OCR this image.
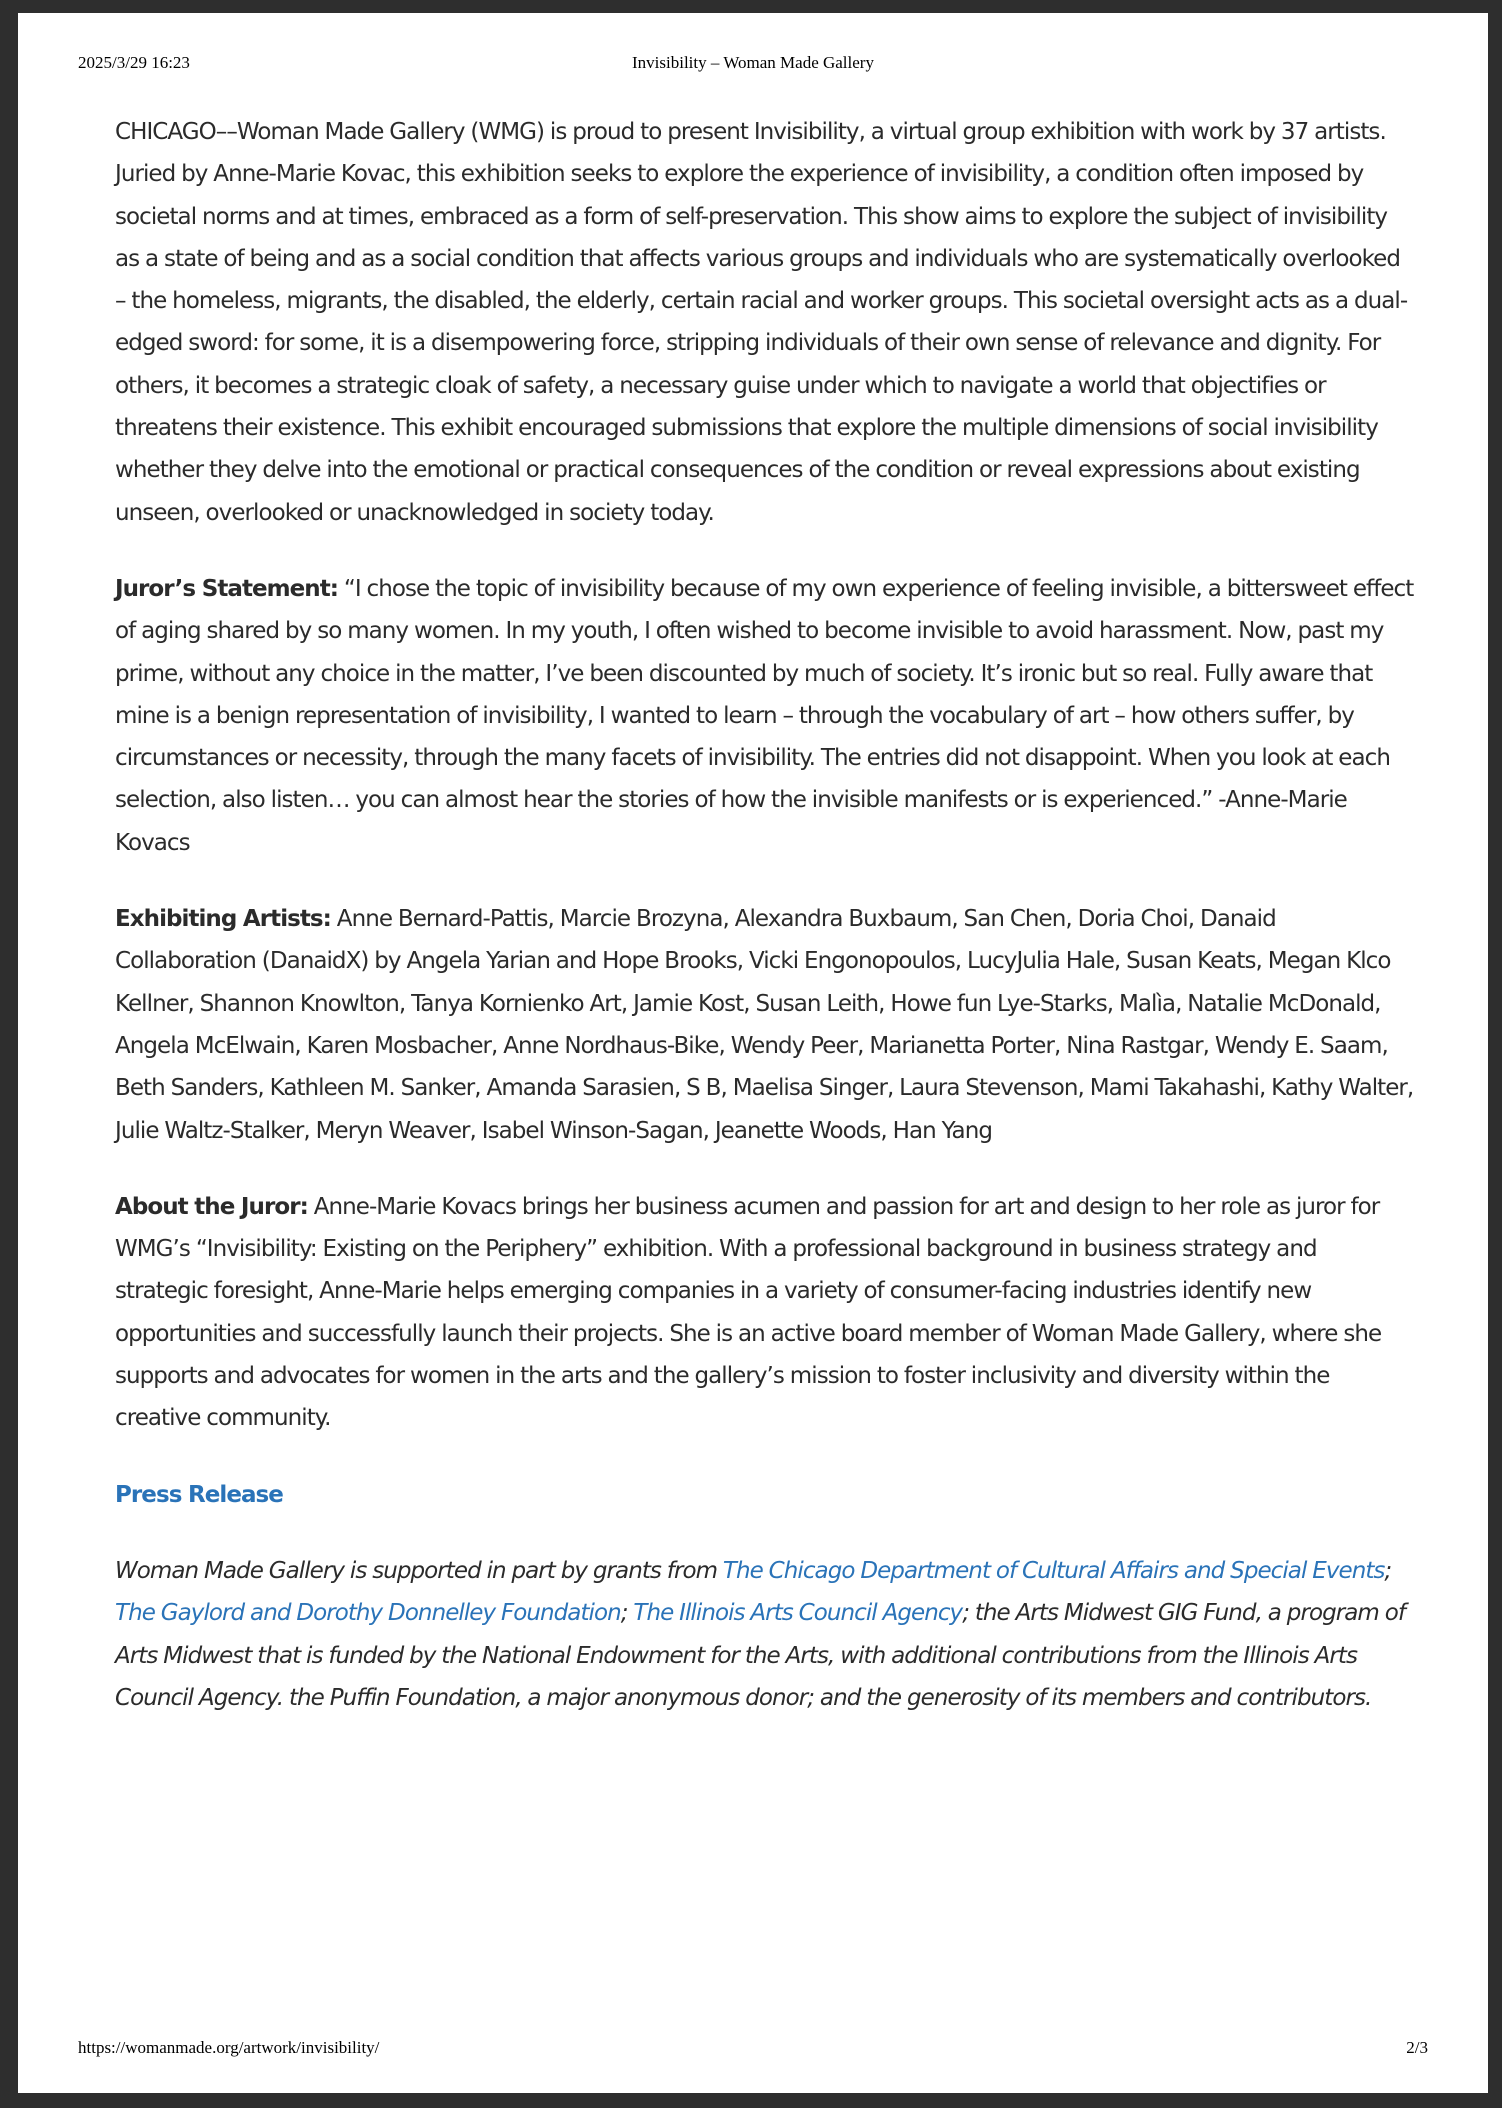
2025/3/29 16:23	Invisibility – Woman Made Gallery

CHICAGO––Woman Made Gallery (WMG) is proud to present Invisibility, a virtual group exhibition with work by 37 artists. Juried by Anne-Marie Kovac, this exhibition seeks to explore the experience of invisibility, a condition often imposed by societal norms and at times, embraced as a form of self-preservation. This show aims to explore the subject of invisibility as a state of being and as a social condition that affects various groups and individuals who are systematically overlooked – the homeless, migrants, the disabled, the elderly, certain racial and worker groups. This societal oversight acts as a dual-edged sword: for some, it is a disempowering force, stripping individuals of their own sense of relevance and dignity. For others, it becomes a strategic cloak of safety, a necessary guise under which to navigate a world that objectifies or threatens their existence. This exhibit encouraged submissions that explore the multiple dimensions of social invisibility whether they delve into the emotional or practical consequences of the condition or reveal expressions about existing unseen, overlooked or unacknowledged in society today.

Juror’s Statement: “I chose the topic of invisibility because of my own experience of feeling invisible, a bittersweet effect of aging shared by so many women. In my youth, I often wished to become invisible to avoid harassment. Now, past my prime, without any choice in the matter, I’ve been discounted by much of society. It’s ironic but so real. Fully aware that mine is a benign representation of invisibility, I wanted to learn – through the vocabulary of art – how others suffer, by circumstances or necessity, through the many facets of invisibility. The entries did not disappoint. When you look at each selection, also listen… you can almost hear the stories of how the invisible manifests or is experienced.” -Anne-Marie Kovacs

Exhibiting Artists: Anne Bernard-Pattis, Marcie Brozyna, Alexandra Buxbaum, San Chen, Doria Choi, Danaid Collaboration (DanaidX) by Angela Yarian and Hope Brooks, Vicki Engonopoulos, LucyJulia Hale, Susan Keats, Megan Klco Kellner, Shannon Knowlton, Tanya Kornienko Art, Jamie Kost, Susan Leith, Howe fun Lye-Starks, Malìa, Natalie McDonald, Angela McElwain, Karen Mosbacher, Anne Nordhaus-Bike, Wendy Peer, Marianetta Porter, Nina Rastgar, Wendy E. Saam, Beth Sanders, Kathleen M. Sanker, Amanda Sarasien, S B, Maelisa Singer, Laura Stevenson, Mami Takahashi, Kathy Walter, Julie Waltz-Stalker, Meryn Weaver, Isabel Winson-Sagan, Jeanette Woods, Han Yang

About the Juror: Anne-Marie Kovacs brings her business acumen and passion for art and design to her role as juror for WMG’s “Invisibility: Existing on the Periphery” exhibition. With a professional background in business strategy and strategic foresight, Anne-Marie helps emerging companies in a variety of consumer-facing industries identify new opportunities and successfully launch their projects. She is an active board member of Woman Made Gallery, where she supports and advocates for women in the arts and the gallery’s mission to foster inclusivity and diversity within the creative community.

Press Release

Woman Made Gallery is supported in part by grants from The Chicago Department of Cultural Affairs and Special Events; The Gaylord and Dorothy Donnelley Foundation; The Illinois Arts Council Agency; the Arts Midwest GIG Fund, a program of Arts Midwest that is funded by the National Endowment for the Arts, with additional contributions from the Illinois Arts Council Agency. the Puffin Foundation, a major anonymous donor; and the generosity of its members and contributors.

https://womanmade.org/artwork/invisibility/	2/3
